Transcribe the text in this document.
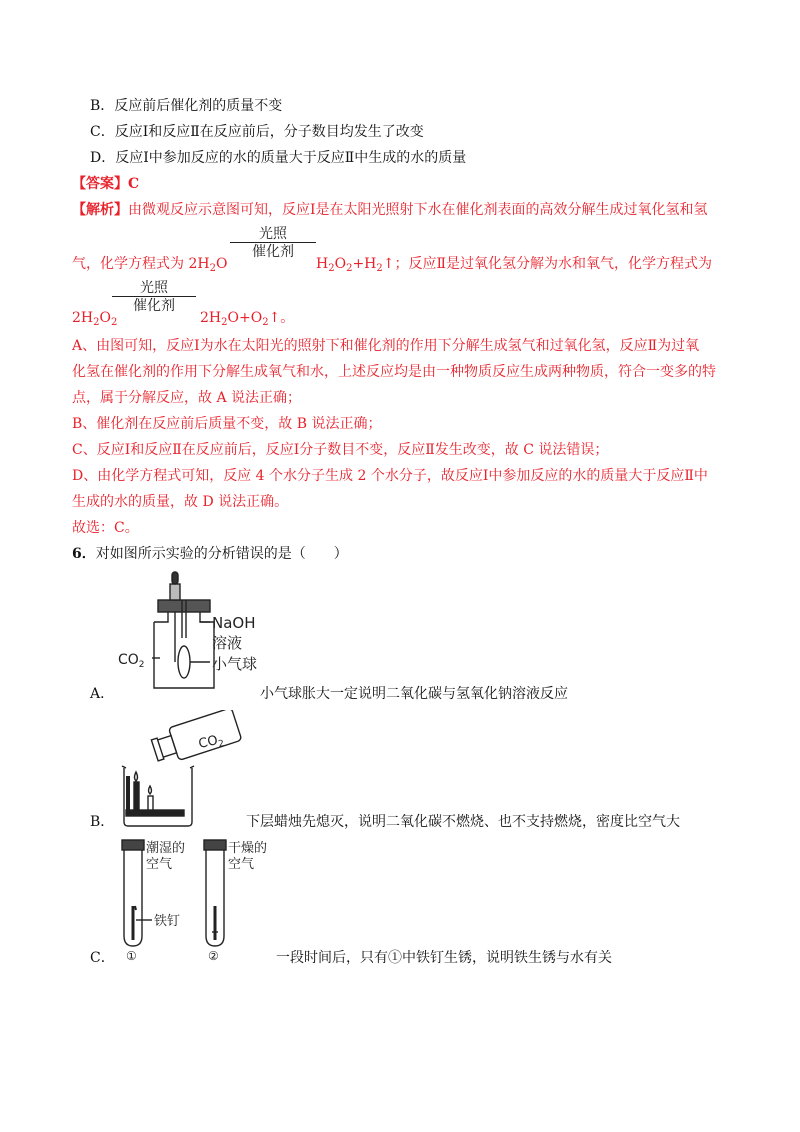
B．反应前后催化剂的质量不变
C．反应Ⅰ和反应Ⅱ在反应前后，分子数目均发生了改变
D．反应Ⅰ中参加反应的水的质量大于反应Ⅱ中生成的水的质量
【答案】C
【解析】由微观反应示意图可知，反应Ⅰ是在太阳光照射下水在催化剂表面的高效分解生成过氧化氢和氢
光照
催化剂
气，化学方程式为 $2H_2O$	$H_2O_2+H_2↑$；反应Ⅱ是过氧化氢分解为水和氧气，化学方程式为
光照
催化剂
$2H_2O_2$	$2H_2O+O_2↑$。
A、由图可知，反应Ⅰ为水在太阳光的照射下和催化剂的作用下分解生成氢气和过氧化氢，反应Ⅱ为过氧
化氢在催化剂的作用下分解生成氧气和水，上述反应均是由一种物质反应生成两种物质，符合一变多的特
点，属于分解反应，故 A 说法正确；
B、催化剂在反应前后质量不变，故 B 说法正确；
C、反应Ⅰ和反应Ⅱ在反应前后，反应Ⅰ分子数目不变，反应Ⅱ发生改变，故 C 说法错误；
D、由化学方程式可知，反应 4 个水分子生成 2 个水分子，故反应Ⅰ中参加反应的水的质量大于反应Ⅱ中
生成的水的质量，故 D 说法正确。
故选：C。
6．对如图所示实验的分析错误的是（　　）
NaOH
溶液
$CO_2$	小气球
A．	小气球胀大一定说明二氧化碳与氢氧化钠溶液反应
$CO_2$
B．	下层蜡烛先熄灭，说明二氧化碳不燃烧、也不支持燃烧，密度比空气大
潮湿的
空气
干燥的
空气
铁钉
①	②
C．	一段时间后，只有①中铁钉生锈，说明铁生锈与水有关
